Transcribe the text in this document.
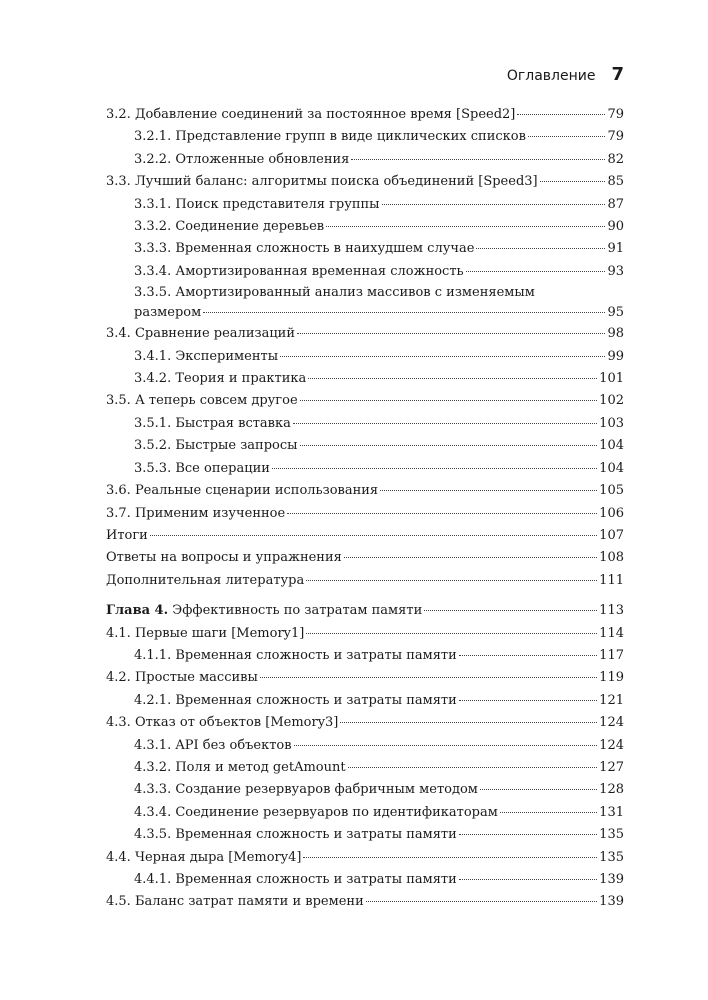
Оглавление 7
3.2. Добавление соединений за постоянное время [Speed2]	79
3.2.1. Представление групп в виде циклических списков	79
3.2.2. Отложенные обновления	82
3.3. Лучший баланс: алгоритмы поиска объединений [Speed3]	85
3.3.1. Поиск представителя группы	87
3.3.2. Соединение деревьев	90
3.3.3. Временная сложность в наихудшем случае	91
3.3.4. Амортизированная временная сложность	93
3.3.5. Амортизированный анализ массивов с изменяемым
размером	95
3.4. Сравнение реализаций	98
3.4.1. Эксперименты	99
3.4.2. Теория и практика	101
3.5. А теперь совсем другое	102
3.5.1. Быстрая вставка	103
3.5.2. Быстрые запросы	104
3.5.3. Все операции	104
3.6. Реальные сценарии использования	105
3.7. Применим изученное	106
Итоги	107
Ответы на вопросы и упражнения	108
Дополнительная литература	111
Глава 4. Эффективность по затратам памяти	113
4.1. Первые шаги [Memory1]	114
4.1.1. Временная сложность и затраты памяти	117
4.2. Простые массивы	119
4.2.1. Временная сложность и затраты памяти	121
4.3. Отказ от объектов [Memory3]	124
4.3.1. API без объектов	124
4.3.2. Поля и метод getAmount	127
4.3.3. Создание резервуаров фабричным методом	128
4.3.4. Соединение резервуаров по идентификаторам	131
4.3.5. Временная сложность и затраты памяти	135
4.4. Черная дыра [Memory4]	135
4.4.1. Временная сложность и затраты памяти	139
4.5. Баланс затрат памяти и времени	139
